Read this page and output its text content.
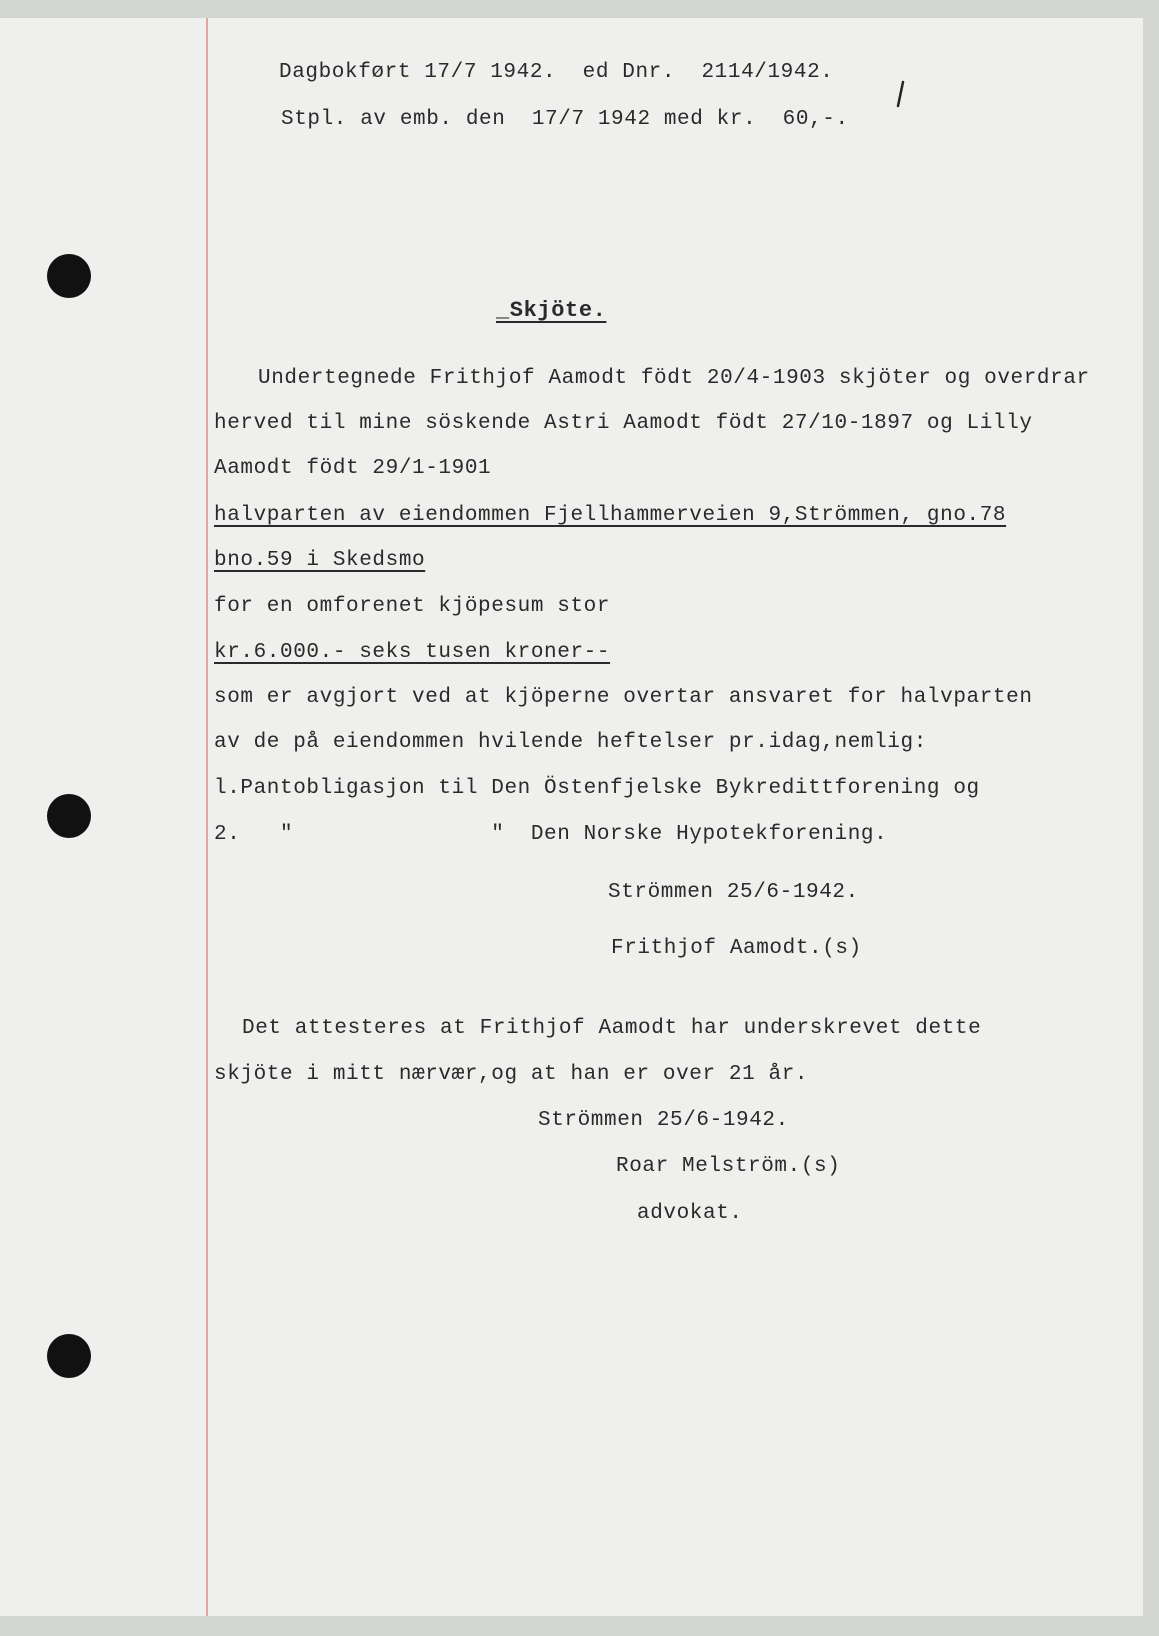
Dagbokført 17/7 1942.  ed Dnr.  2114/1942.
Stpl. av emb. den  17/7 1942 med kr.  60,-.
_Skjöte.
Undertegnede Frithjof Aamodt födt 20/4-1903 skjöter og overdrar
herved til mine söskende Astri Aamodt födt 27/10-1897 og Lilly
Aamodt födt 29/1-1901
halvparten av eiendommen Fjellhammerveien 9,Strömmen, gno.78
bno.59 i Skedsmo
for en omforenet kjöpesum stor
kr.6.000.- seks tusen kroner--
som er avgjort ved at kjöperne overtar ansvaret for halvparten
av de på eiendommen hvilende heftelser pr.idag,nemlig:
l.Pantobligasjon til Den Östenfjelske Bykredittforening og
2.   "               "  Den Norske Hypotekforening.
Strömmen 25/6-1942.
Frithjof Aamodt.(s)
Det attesteres at Frithjof Aamodt har underskrevet dette
skjöte i mitt nærvær,og at han er over 21 år.
Strömmen 25/6-1942.
Roar Melström.(s)
advokat.
